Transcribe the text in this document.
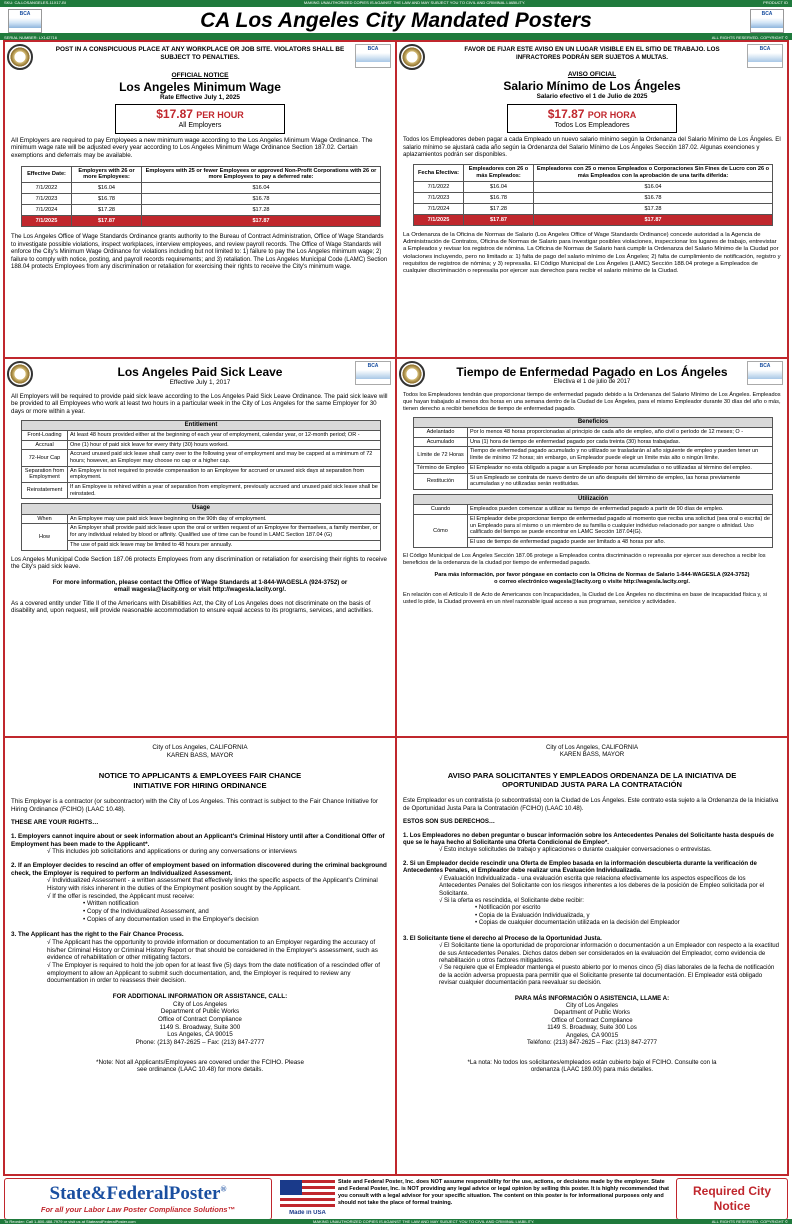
SKU: CA-LOSANGELES-11X17-BI	MAKING UNAUTHORIZED COPIES IS AGAINST THE LAW AND MAY SUBJECT YOU TO CIVIL AND CRIMINAL LIABILITY.	PRODUCT ID
CA Los Angeles City Mandated Posters
BCA	BCA
SERIAL NUMBER: LX142716	ALL RIGHTS RESERVED. COPYRIGHT ©
BCA
POST IN A CONSPICUOUS PLACE AT ANY WORKPLACE OR JOB SITE. VIOLATORS SHALL BE SUBJECT TO PENALTIES.
OFFICIAL NOTICE
Los Angeles Minimum Wage
Rate Effective July 1, 2025
$17.87 PER HOUR
All Employers

All Employers are required to pay Employees a new minimum wage according to the Los Angeles Minimum Wage Ordinance. The minimum wage rate will be adjusted every year according to Los Angeles Minimum Wage Ordinance Section 187.02. Certain exemptions and deferrals may be available.

Effective Date:	Employers with 26 or more Employees:	Employers with 25 or fewer Employees or approved Non-Profit Corporations with 26 or more Employees to pay a deferred rate:
7/1/2022	$16.04	$16.04
7/1/2023	$16.78	$16.78
7/1/2024	$17.28	$17.28
7/1/2025	$17.87	$17.87

The Los Angeles Office of Wage Standards Ordinance grants authority to the Bureau of Contract Administration, Office of Wage Standards to investigate possible violations, inspect workplaces, interview employees, and review payroll records. The Office of Wage Standards will enforce the City's Minimum Wage Ordinance for violations including but not limited to: 1) failure to pay the Los Angeles minimum wage; 2) failure to comply with notice, posting, and payroll records requirements; and 3) retaliation. The Los Angeles Municipal Code (LAMC) Section 188.04 protects Employees from any discrimination or retaliation for exercising their rights to receive the City's minimum wage.

BCA
FAVOR DE FIJAR ESTE AVISO EN UN LUGAR VISIBLE EN EL SITIO DE TRABAJO. LOS INFRACTORES PODRÁN SER SUJETOS A MULTAS.
AVISO OFICIAL
Salario Mínimo de Los Ángeles
Salario efectivo el 1 de Julio de 2025
$17.87 POR HORA
Todos Los Empleadores

Todos los Empleadores deben pagar a cada Empleado un nuevo salario mínimo según la Ordenanza del Salario Mínimo de Los Ángeles. El salario mínimo se ajustará cada año según la Ordenanza del Salario Mínimo de Los Ángeles Sección 187.02. Algunas exenciones y aplazamientos podrán ser disponibles.

Fecha Efectiva:	Empleadores con 26 o más Empleados:	Empleadores con 25 o menos Empleados o Corporaciones Sin Fines de Lucro con 26 o más Empleados con la aprobación de una tarifa diferida:
7/1/2022	$16.04	$16.04
7/1/2023	$16.78	$16.78
7/1/2024	$17.28	$17.28
7/1/2025	$17.87	$17.87

La Ordenanza de la Oficina de Normas de Salario (Los Angeles Office of Wage Standards Ordinance) concede autoridad a la Agencia de Administración de Contratos, Oficina de Normas de Salario para investigar posibles violaciones, inspeccionar los lugares de trabajo, entrevistar a Empleados y revisar los registros de nómina. La Oficina de Normas de Salario hará cumplir la Ordenanza del Salario Mínimo de la Ciudad por violaciones incluyendo, pero no limitado a: 1) falta de pago del salario mínimo de Los Ángeles; 2) falta de cumplimiento de notificación, registro y requisitos de registros de nómina; y 3) represalia. El Código Municipal de Los Ángeles (LAMC) Sección 188.04 protege a Empleados de cualquier discriminación o represalia por ejercer sus derechos para recibir el salario mínimo de la Ciudad.

BCA
Los Angeles Paid Sick Leave
Effective July 1, 2017

All Employers will be required to provide paid sick leave according to the Los Angeles Paid Sick Leave Ordinance. The paid sick leave will be provided to all Employees who work at least two hours in a particular week in the City of Los Angeles for the same Employer for 30 days or more within a year.

Entitlement	
Front-Loading	At least 48 hours provided either at the beginning of each year of employment, calendar year, or 12-month period; OR -
Accrual	One (1) hour of paid sick leave for every thirty (30) hours worked.
72-Hour Cap	Accrued unused paid sick leave shall carry over to the following year of employment and may be capped at a minimum of 72 hours; however, an Employer may choose no cap or a higher cap.
Separation from Employment	An Employer is not required to provide compensation to an Employee for accrued or unused sick days at separation from employment.
Reinstatement	If an Employee is rehired within a year of separation from employment, previously accrued and unused paid sick leave shall be reinstated.
Usage	
When	An Employee may use paid sick leave beginning on the 90th day of employment.
How	An Employer shall provide paid sick leave upon the oral or written request of an Employee for themselves, a family member, or for any individual related by blood or affinity. Qualified use of time can be found in LAMC Section 187.04 (G)
	The use of paid sick leave may be limited to 48 hours per annually.

Los Angeles Municipal Code Section 187.06 protects Employees from any discrimination or retaliation for exercising their rights to receive the City's paid sick leave.

For more information, please contact the Office of Wage Standards at 1-844-WAGESLA (924-3752) or email wagesla@lacity.org or visit http://wagesla.lacity.org/.

As a covered entity under Title II of the Americans with Disabilities Act, the City of Los Angeles does not discriminate on the basis of disability and, upon request, will provide reasonable accommodation to ensure equal access to its programs, services, and activities.

BCA
Tiempo de Enfermedad Pagado en Los Ángeles
Efectiva el 1 de julio de 2017

Todos los Empleadores tendrán que proporcionar tiempo de enfermedad pagado debido a la Ordenanza del Salario Mínimo de Los Ángeles. Empleados que hayan trabajado al menos dos horas en una semana dentro de la Ciudad de Los Ángeles, para el mismo Empleador durante 30 días del año o más, tienen derecho a recibir beneficios de tiempo de enfermedad pagado.

Beneficios	
Adelantado	Por lo menos 48 horas proporcionadas al principio de cada año de empleo, año civil o período de 12 meses; O -
Acumulado	Una (1) hora de tiempo de enfermedad pagado por cada treinta (30) horas trabajadas.
Límite de 72 Horas	Tiempo de enfermedad pagado acumulado y no utilizado se trasladarán al año siguiente de empleo y pueden tener un límite de mínimo 72 horas; sin embargo, un Empleador puede elegir un límite más alto o ningún límite.
Término de Empleo	El Empleador no esta obligado a pagar a un Empleado por horas acumuladas o no utilizadas al término del empleo.
Restitución	Si un Empleado se contrata de nuevo dentro de un año después del término de empleo, las horas previamente acumuladas y no utilizadas serán restituidas.
Utilización	
Cuando	Empleados pueden comenzar a utilizar su tiempo de enfermedad pagado a partir de 90 días de empleo.
Cómo	El Empleador debe proporcionar tiempo de enfermedad pagado al momento que reciba una solicitud (sea oral o escrita) de un Empleado para sí mismo o un miembro de su familia o cualquier individuo relacionado por sangre o afinidad. Uso calificado del tiempo se puede encontrar en LAMC Sección 187.04(G).
	El uso de tiempo de enfermedad pagado puede ser limitado a 48 horas por año.

El Código Municipal de Los Ángeles Sección 187.06 protege a Empleados contra discriminación o represalia por ejercer sus derechos a recibir los beneficios de la ordenanza de la ciudad por tiempo de enfermedad pagado.

Para más información, por favor póngase en contacto con la Oficina de Normas de Salario 1-844-WAGESLA (924-3752) o correo electrónico wagesla@lacity.org o visite http://wagesla.lacity.org/.

En relación con el Artículo II de Acto de Americanos con Incapacidades, la Ciudad de Los Ángeles no discrimina en base de incapacidad física y, si usted lo pide, la Ciudad proveerá en un nivel razonable igual acceso a sus programas, servicios y actividades.

City of Los Angeles, CALIFORNIA
KAREN BASS, MAYOR
NOTICE TO APPLICANTS & EMPLOYEES FAIR CHANCE INITIATIVE FOR HIRING ORDINANCE

This Employer is a contractor (or subcontractor) with the City of Los Angeles. This contract is subject to the Fair Chance Initiative for Hiring Ordinance (FCIHO) (LAAC 10.48).

THESE ARE YOUR RIGHTS…

1. Employers cannot inquire about or seek information about an Applicant's Criminal History until after a Conditional Offer of Employment has been made to the Applicant*.

√ This includes job solicitations and applications or during any conversations or interviews

2. If an Employer decides to rescind an offer of employment based on information discovered during the criminal background check, the Employer is required to perform an Individualized Assessment.

√ Individualized Assessment - a written assessment that effectively links the specific aspects of the Applicant's Criminal History with risks inherent in the duties of the Employment position sought by the Applicant.

√ If the offer is rescinded, the Applicant must receive:

• Written notification
• Copy of the Individualized Assessment, and
• Copies of any documentation used in the Employer's decision

3. The Applicant has the right to the Fair Chance Process.

√ The Applicant has the opportunity to provide information or documentation to an Employer regarding the accuracy of his/her Criminal History or Criminal History Report or that should be considered in the Employer's assessment, such as evidence of rehabilitation or other mitigating factors.

√ The Employer is required to hold the job open for at least five (5) days from the date notification of a rescinded offer of employment to allow an Applicant to submit such documentation, and, the Employer is required to review any documentation in order to reassess their decision.

FOR ADDITIONAL INFORMATION OR ASSISTANCE, CALL:

City of Los Angeles
Department of Public Works
Office of Contract Compliance
1149 S. Broadway, Suite 300
Los Angeles, CA 90015
Phone: (213) 847-2625 – Fax: (213) 847-2777

*Note: Not all Applicants/Employees are covered under the FCIHO. Please see ordinance (LAAC 10.48) for more details.

City of Los Angeles, CALIFORNIA
KAREN BASS, MAYOR
AVISO PARA SOLICITANTES Y EMPLEADOS ORDENANZA DE LA INICIATIVA DE OPORTUNIDAD JUSTA PARA LA CONTRATACIÓN

Este Empleador es un contratista (o subcontratista) con la Ciudad de Los Ángeles. Este contrato esta sujeto a la Ordenanza de la Iniciativa de Oportunidad Justa Para la Contratación (FCIHO) (LAAC 10.48).

ESTOS SON SUS DERECHOS…

1. Los Empleadores no deben preguntar o buscar información sobre los Antecedentes Penales del Solicitante hasta después de que se le haya hecho al Solicitante una Oferta Condicional de Empleo*.

√ Esto incluye solicitudes de trabajo y aplicaciones o durante cualquier conversaciones o entrevistas.

2. Si un Empleador decide rescindir una Oferta de Empleo basada en la información descubierta durante la verificación de Antecedentes Penales, el Empleador debe realizar una Evaluación Individualizada.

√ Evaluación Individualizada - una evaluación escrita que relaciona efectivamente los aspectos específicos de los Antecedentes Penales del Solicitante con los riesgos inherentes a los deberes de la posición de Empleo solicitada por el Solicitante.

√ Si la oferta es rescindida, el Solicitante debe recibir:

• Notificación por escrito
• Copia de la Evaluación Individualizada, y
• Copias de cualquier documentación utilizada en la decisión del Empleador

3. El Solicitante tiene el derecho al Proceso de la Oportunidad Justa.

√ El Solicitante tiene la oportunidad de proporcionar información o documentación a un Empleador con respecto a la exactitud de sus Antecedentes Penales. Dichos datos deben ser considerados en la evaluación del Empleador, como evidencia de rehabilitación u otros factores mitigadores.

√ Se requiere que el Empleador mantenga el puesto abierto por lo menos cinco (5) días laborales de la fecha de notificación de la acción adversa propuesta para permitir que el Solicitante presente tal documentación. El Empleador está obligado revisar cualquier documentación para reevaluar su decisión.

PARA MÁS INFORMACIÓN O ASISTENCIA, LLAME A:

City of Los Angeles
Department of Public Works
Office of Contract Compliance
1149 S. Broadway, Suite 300 Los
Angeles, CA 90015
Teléfono: (213) 847-2625 – Fax: (213) 847-2777

*La nota: No todos los solicitantes/empleados están cubierto bajo el FCIHO. Consulte con la ordenanza (LAAC 189.00) para más detalles.

State&FederalPoster®
For all your Labor Law Poster Compliance Solutions™	Made in USA
State and Federal Poster, Inc. does NOT assume responsibility for the use, actions, or decisions made by the employer. State and Federal Poster, Inc. is NOT providing any legal advice or legal opinion by selling this poster. It is highly recommended that you consult with a legal advisor for your specific situation. The content on this poster is for informational purposes only and should not take the place of formal training.
Required City Notice
To Reorder: Call 1-800-488-7979 or visit us at StateandFederalPoster.com	MAKING UNAUTHORIZED COPIES IS AGAINST THE LAW AND MAY SUBJECT YOU TO CIVIL AND CRIMINAL LIABILITY.	ALL RIGHTS RESERVED. COPYRIGHT ©
